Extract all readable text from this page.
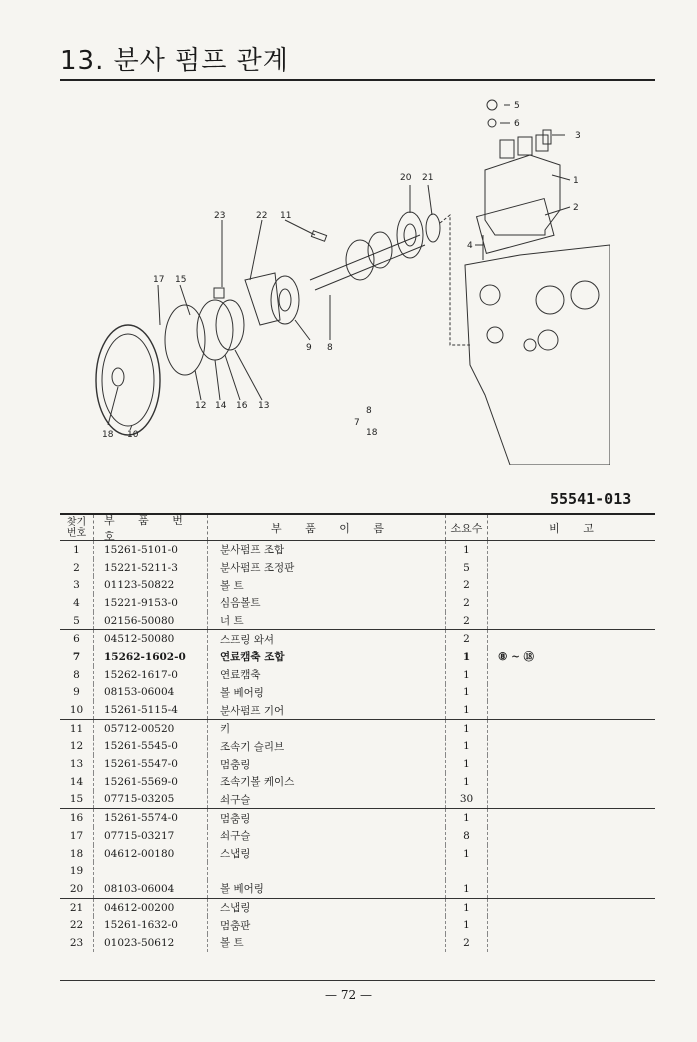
13. 분사 펌프 관계
5
6
3
1
2
4
20 21
23	22 11
9 8
17 15
12 14 16 13
18 10
7
8
18
55541-013
찾기
번호
부 품 번 호
부 품 이 름	소요수	비 고
1	15261-5101-0	분사펌프 조합	1
2	15221-5211-3	분사펌프 조정판	5
3	01123-50822	볼 트	2
4	15221-9153-0	심음볼트	2
5	02156-50080	너 트	2
6	04512-50080	스프링 와셔	2
7	15262-1602-0	연료캠축 조합	1	⑧ ~ ⑱
8	15262-1617-0	연료캠축	1
9	08153-06004	볼 베어링	1
10	15261-5115-4	분사펌프 기어	1
11	05712-00520	키	1
12	15261-5545-0	조속기 슬리브	1
13	15261-5547-0	멈춤링	1
14	15261-5569-0	조속기볼 케이스	1
15	07715-03205	쇠구슬	30
16	15261-5574-0	멈춤링	1
17	07715-03217	쇠구슬	8
18	04612-00180	스냅링	1
19
20	08103-06004	볼 베어링	1
21	04612-00200	스냅링	1
22	15261-1632-0	멈춤판	1
23	01023-50612	볼 트	2
— 72 —
